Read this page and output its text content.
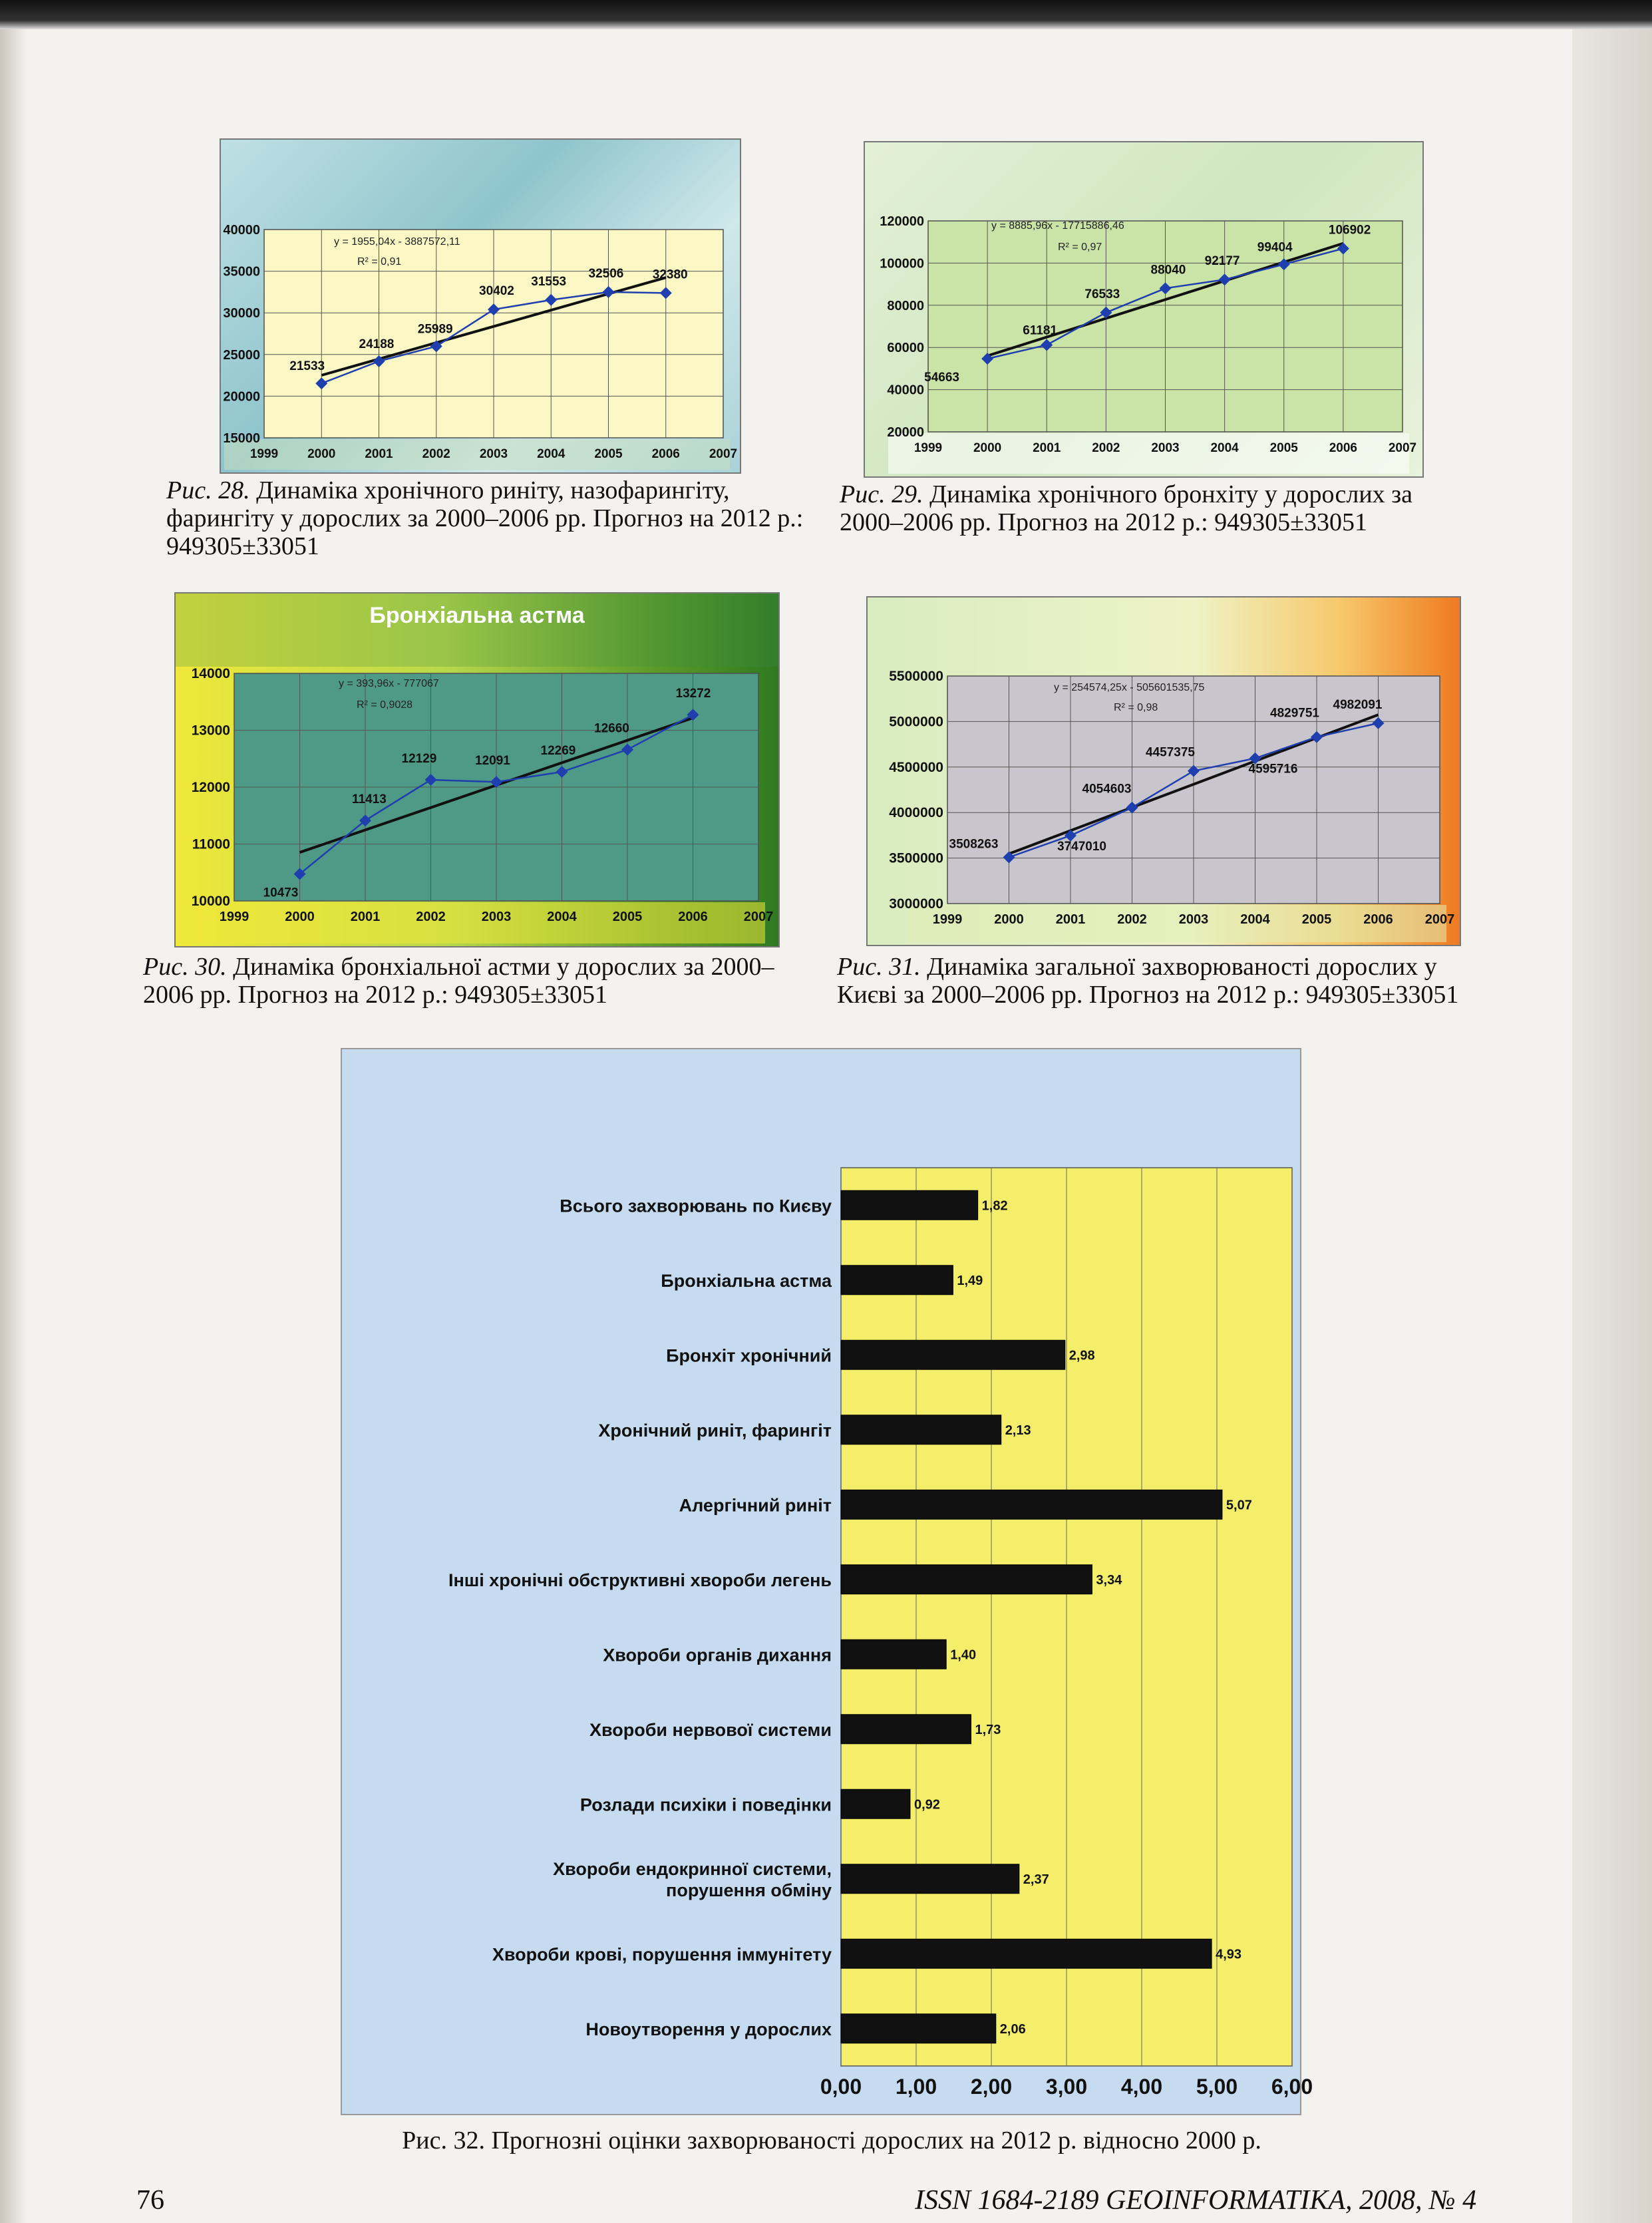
15000
20000
25000
30000
35000
40000
1999 2000 2001 2002 2003 2004 2005 2006 2007
21533
24188
25989
30402
31553
32506 32380
y = 1955,04x - 3887572,11
R² = 0,91
Рис. 28. Динаміка хронічного риніту, назофарингіту, фарингіту у дорослих за 2000–2006 рр. Прогноз на 2012 р.: 949305±33051
20000
40000
60000
80000
100000
120000
1999 2000 2001 2002 2003 2004 2005 2006 2007
54663
61181
76533
88040
92177
99404
106902
y = 8885,96x - 17715886,46
R² = 0,97
Рис. 29. Динаміка хронічного бронхіту у дорослих за 2000–2006 рр. Прогноз на 2012 р.: 949305±33051
Бронхіальна астма
10000
11000
12000
13000
14000
1999	2000	2001	2002	2003	2004	2005	2006	2007
10473
11413
12129	12091
12269
12660
13272
y = 393,96x - 777067
R² = 0,9028
Рис. 30. Динаміка бронхіальної астми у дорослих за 2000–2006 рр. Прогноз на 2012 р.: 949305±33051
3000000
3500000
4000000
4500000
5000000
5500000
1999 2000 2001 2002 2003 2004 2005 2006 2007
3508263	3747010
4054603
4457375
4595716
4829751
4982091
y = 254574,25x - 505601535,75
R² = 0,98
Рис. 31. Динаміка загальної захворюваності дорослих у Києві за 2000–2006 рр. Прогноз на 2012 р.: 949305±33051
0,00 1,00 2,00 3,00 4,00 5,00 6,00
1,82
Всього захворювань по Києву
1,49
Бронхіальна астма
2,98
Бронхіт хронічний
2,13
Хронічний риніт, фарингіт
5,07
Алергічний риніт
3,34
Інші хронічні обструктивні хвороби легень
1,40
Хвороби органів дихання
1,73
Хвороби нервової системи
0,92
Розлади психіки і поведінки
2,37
Хвороби ендокринної системи,
порушення обміну
4,93
Хвороби крові, порушення іммунітету
2,06
Новоутворення у дорослих
Рис. 32. Прогнозні оцінки захворюваності дорослих на 2012 р. відносно 2000 р.
76	ISSN 1684-2189 GEOINFORMATIKA, 2008, № 4
